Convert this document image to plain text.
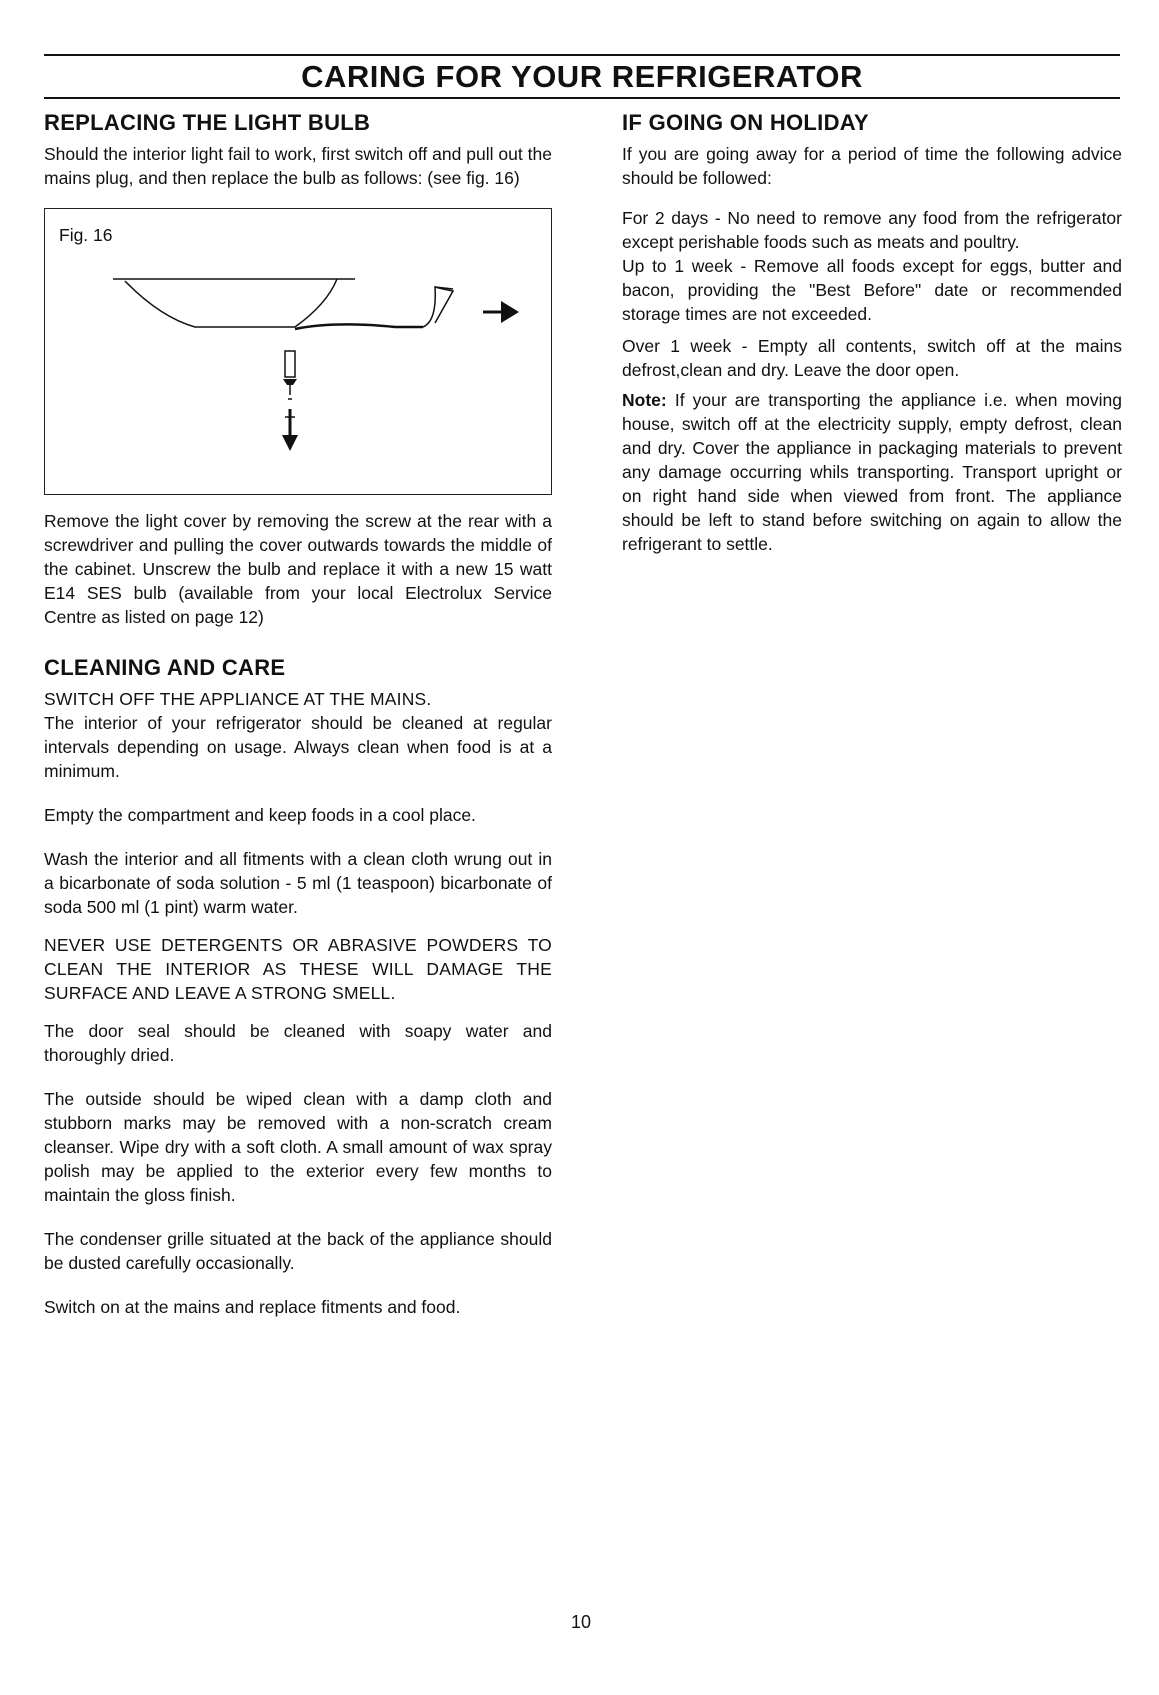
CARING FOR YOUR REFRIGERATOR
REPLACING THE LIGHT BULB

Should the interior light fail to work, first switch off and pull out the mains plug, and then replace the bulb as follows: (see fig. 16)

Fig. 16

Remove the light cover by removing the screw at the rear with a screwdriver and pulling the cover outwards towards the middle of the cabinet. Unscrew the bulb and replace it with a new 15 watt E14 SES bulb (available from your local Electrolux Service Centre as listed on page 12)

CLEANING AND CARE
SWITCH OFF THE APPLIANCE AT THE MAINS.

The interior of your refrigerator should be cleaned at regular intervals depending on usage. Always clean when food is at a minimum.

Empty the compartment and keep foods in a cool place.

Wash the interior and all fitments with a clean cloth wrung out in a bicarbonate of soda solution - 5 ml (1 teaspoon) bicarbonate of soda 500 ml (1 pint) warm water.

NEVER USE DETERGENTS OR ABRASIVE POWDERS TO CLEAN THE INTERIOR AS THESE WILL DAMAGE THE SURFACE AND LEAVE A STRONG SMELL.

The door seal should be cleaned with soapy water and thoroughly dried.

The outside should be wiped clean with a damp cloth and stubborn marks may be removed with a non-scratch cream cleanser. Wipe dry with a soft cloth. A small amount of wax spray polish may be applied to the exterior every few months to maintain the gloss finish.

The condenser grille situated at the back of the appliance should be dusted carefully occasionally.

Switch on at the mains and replace fitments and food.

IF GOING ON HOLIDAY

If you are going away for a period of time the following advice should be followed:

For 2 days - No need to remove any food from the refrigerator except perishable foods such as meats and poultry.

Up to 1 week - Remove all foods except for eggs, butter and bacon, providing the "Best Before" date or recommended storage times are not exceeded.

Over 1 week - Empty all contents, switch off at the mains defrost,clean and dry. Leave the door open.

Note: If your are transporting the appliance i.e. when moving house, switch off at the electricity supply, empty defrost, clean and dry. Cover the appliance in packaging materials to prevent any damage occurring whils transporting. Transport upright or on right hand side when viewed from front. The appliance should be left to stand before switching on again to allow the refrigerant to settle.

10
